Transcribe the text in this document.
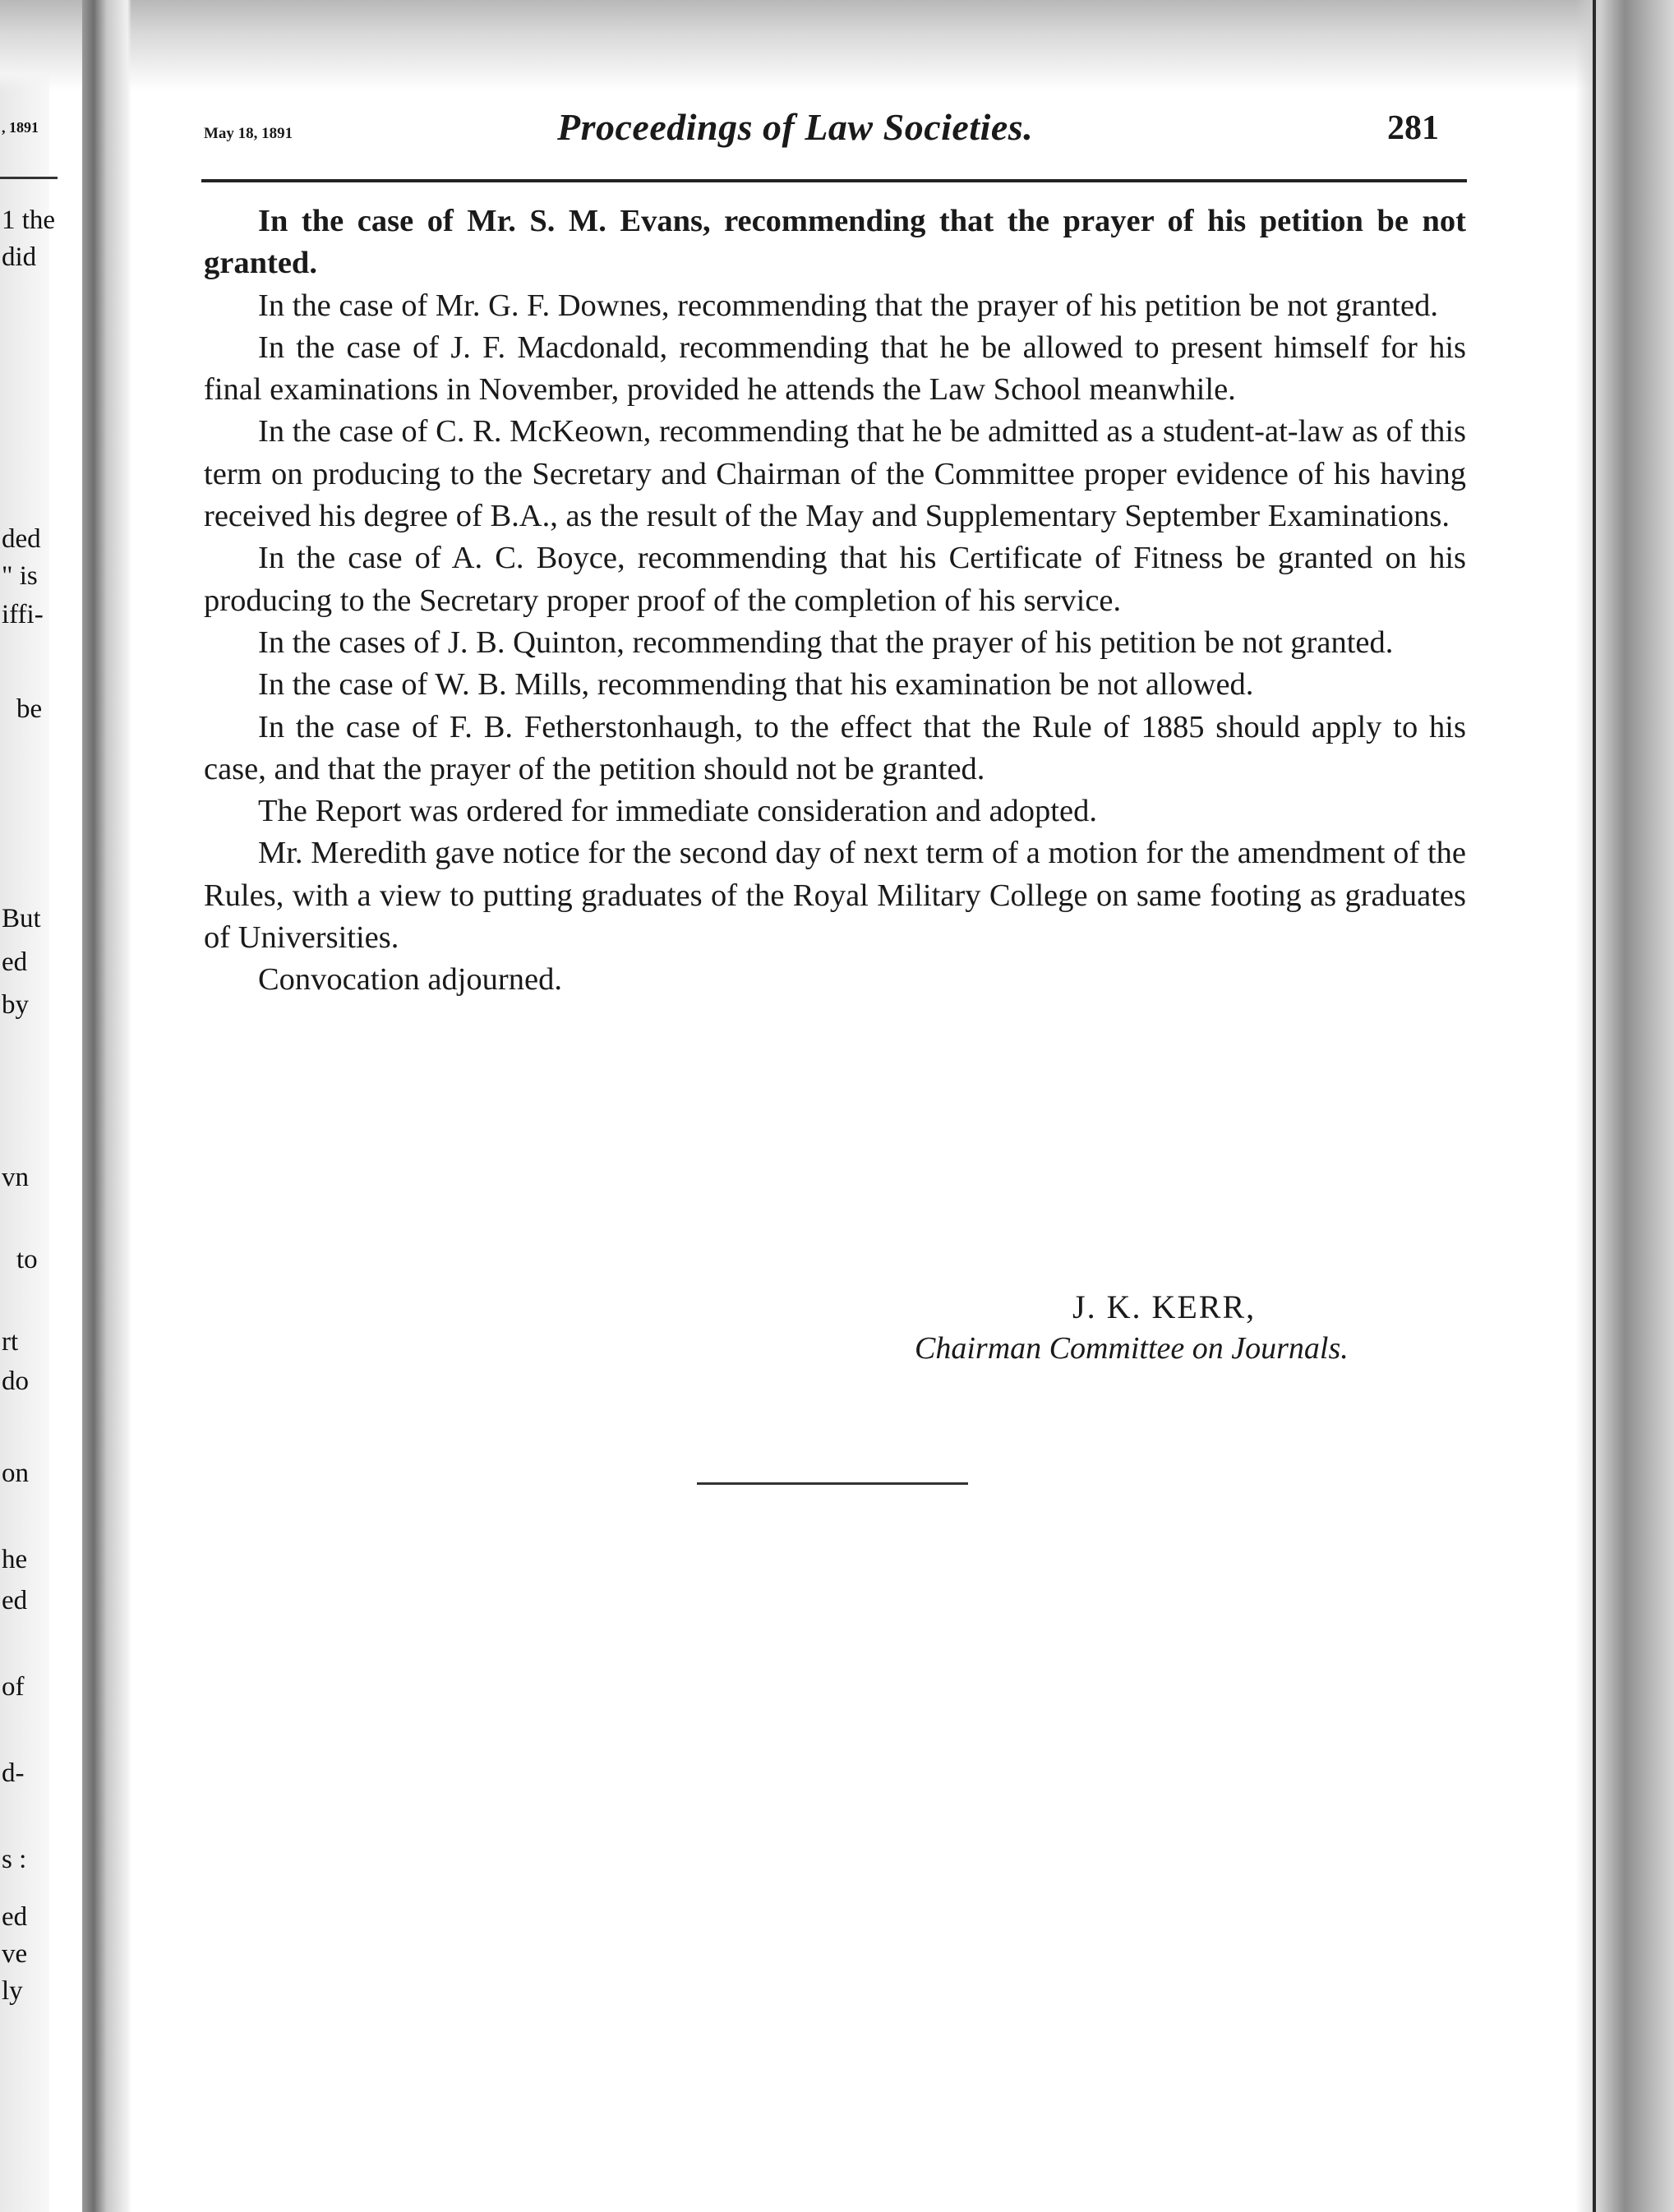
, 1891
1 the
did
ded
" is
iffi-
be
But
ed
by
vn
to
rt
do
on
he
ed
of
d-
s :
ed
ve
ly
May 18, 1891	Proceedings of Law Societies.	281

In the case of Mr. S. M. Evans, recommending that the prayer of his petition be not granted.

In the case of Mr. G. F. Downes, recommending that the prayer of his petition be not granted.

In the case of J. F. Macdonald, recommending that he be allowed to present himself for his final examinations in November, provided he attends the Law School meanwhile.

In the case of C. R. McKeown, recommending that he be admitted as a student-at-law as of this term on producing to the Secretary and Chairman of the Committee proper evidence of his having received his degree of B.A., as the result of the May and Supplementary September Examinations.

In the case of A. C. Boyce, recommending that his Certificate of Fitness be granted on his producing to the Secretary proper proof of the completion of his service.

In the cases of J. B. Quinton, recommending that the prayer of his petition be not granted.

In the case of W. B. Mills, recommending that his examination be not allowed.

In the case of F. B. Fetherstonhaugh, to the effect that the Rule of 1885 should apply to his case, and that the prayer of the petition should not be granted.

The Report was ordered for immediate consideration and adopted.

Mr. Meredith gave notice for the second day of next term of a motion for the amendment of the Rules, with a view to putting graduates of the Royal Military College on same footing as graduates of Universities.

Convocation adjourned.

J. K. KERR,
Chairman Committee on Journals.
